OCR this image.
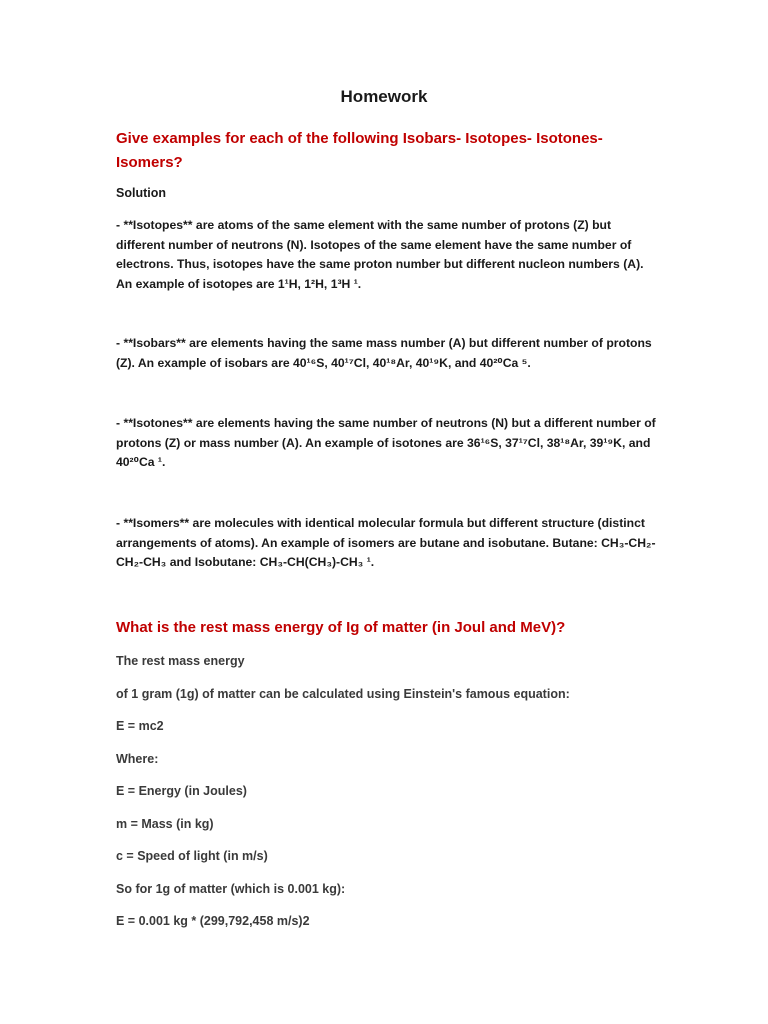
Homework
Give examples for each of the following Isobars- Isotopes- Isotones- Isomers?

Solution

- **Isotopes** are atoms of the same element with the same number of protons (Z) but different number of neutrons (N). Isotopes of the same element have the same number of electrons. Thus, isotopes have the same proton number but different nucleon numbers (A). An example of isotopes are 1¹H, 1²H, 1³H ¹.

- **Isobars** are elements having the same mass number (A) but different number of protons (Z). An example of isobars are 40¹⁶S, 40¹⁷Cl, 40¹⁸Ar, 40¹⁹K, and 40²⁰Ca ⁵.

- **Isotones** are elements having the same number of neutrons (N) but a different number of protons (Z) or mass number (A). An example of isotones are 36¹⁶S, 37¹⁷Cl, 38¹⁸Ar, 39¹⁹K, and 40²⁰Ca ¹.

- **Isomers** are molecules with identical molecular formula but different structure (distinct arrangements of atoms). An example of isomers are butane and isobutane. Butane: CH₃-CH₂-CH₂-CH₃ and Isobutane: CH₃-CH(CH₃)-CH₃ ¹.

What is the rest mass energy of Ig of matter (in Joul and MeV)?

The rest mass energy

of 1 gram (1g) of matter can be calculated using Einstein's famous equation:

E = mc2

Where:

E = Energy (in Joules)

m = Mass (in kg)

c = Speed of light (in m/s)

So for 1g of matter (which is 0.001 kg):

E = 0.001 kg * (299,792,458 m/s)2
